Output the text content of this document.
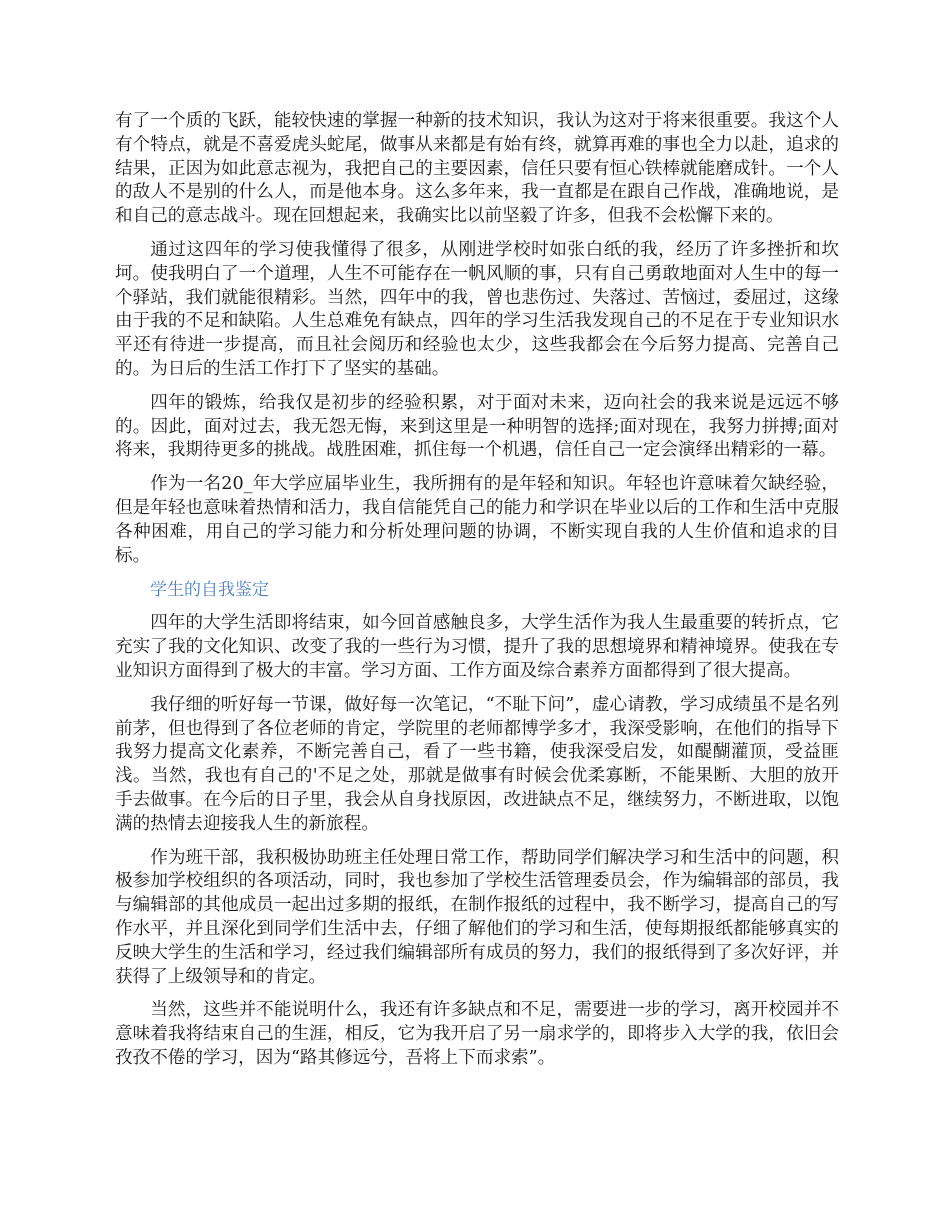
有了一个质的飞跃，能较快速的掌握一种新的技术知识，我认为这对于将来很重要。我这个人有个特点，就是不喜爱虎头蛇尾，做事从来都是有始有终，就算再难的事也全力以赴，追求的结果，正因为如此意志视为，我把自己的主要因素，信任只要有恒心铁棒就能磨成针。一个人的敌人不是别的什么人，而是他本身。这么多年来，我一直都是在跟自己作战，准确地说，是和自己的意志战斗。现在回想起来，我确实比以前坚毅了许多，但我不会松懈下来的。

通过这四年的学习使我懂得了很多，从刚进学校时如张白纸的我，经历了许多挫折和坎坷。使我明白了一个道理，人生不可能存在一帆风顺的事，只有自己勇敢地面对人生中的每一个驿站，我们就能很精彩。当然，四年中的我，曾也悲伤过、失落过、苦恼过，委屈过，这缘由于我的不足和缺陷。人生总难免有缺点，四年的学习生活我发现自己的不足在于专业知识水平还有待进一步提高，而且社会阅历和经验也太少，这些我都会在今后努力提高、完善自己的。为日后的生活工作打下了坚实的基础。

四年的锻炼，给我仅是初步的经验积累，对于面对未来，迈向社会的我来说是远远不够的。因此，面对过去，我无怨无悔，来到这里是一种明智的选择;面对现在，我努力拼搏;面对将来，我期待更多的挑战。战胜困难，抓住每一个机遇，信任自己一定会演绎出精彩的一幕。

作为一名20_年大学应届毕业生，我所拥有的是年轻和知识。年轻也许意味着欠缺经验，但是年轻也意味着热情和活力，我自信能凭自己的能力和学识在毕业以后的工作和生活中克服各种困难，用自己的学习能力和分析处理问题的协调，不断实现自我的人生价值和追求的目标。

学生的自我鉴定

四年的大学生活即将结束，如今回首感触良多，大学生活作为我人生最重要的转折点，它充实了我的文化知识、改变了我的一些行为习惯，提升了我的思想境界和精神境界。使我在专业知识方面得到了极大的丰富。学习方面、工作方面及综合素养方面都得到了很大提高。

我仔细的听好每一节课，做好每一次笔记，“不耻下问”，虚心请教，学习成绩虽不是名列前茅，但也得到了各位老师的肯定，学院里的老师都博学多才，我深受影响，在他们的指导下我努力提高文化素养，不断完善自己，看了一些书籍，使我深受启发，如醍醐灌顶，受益匪浅。当然，我也有自己的'不足之处，那就是做事有时候会优柔寡断，不能果断、大胆的放开手去做事。在今后的日子里，我会从自身找原因，改进缺点不足，继续努力，不断进取，以饱满的热情去迎接我人生的新旅程。

作为班干部，我积极协助班主任处理日常工作，帮助同学们解决学习和生活中的问题，积极参加学校组织的各项活动，同时，我也参加了学校生活管理委员会，作为编辑部的部员，我与编辑部的其他成员一起出过多期的报纸，在制作报纸的过程中，我不断学习，提高自己的写作水平，并且深化到同学们生活中去，仔细了解他们的学习和生活，使每期报纸都能够真实的反映大学生的生活和学习，经过我们编辑部所有成员的努力，我们的报纸得到了多次好评，并获得了上级领导和的肯定。

当然，这些并不能说明什么，我还有许多缺点和不足，需要进一步的学习，离开校园并不意味着我将结束自己的生涯，相反，它为我开启了另一扇求学的，即将步入大学的我，依旧会孜孜不倦的学习，因为“路其修远兮，吾将上下而求索”。
